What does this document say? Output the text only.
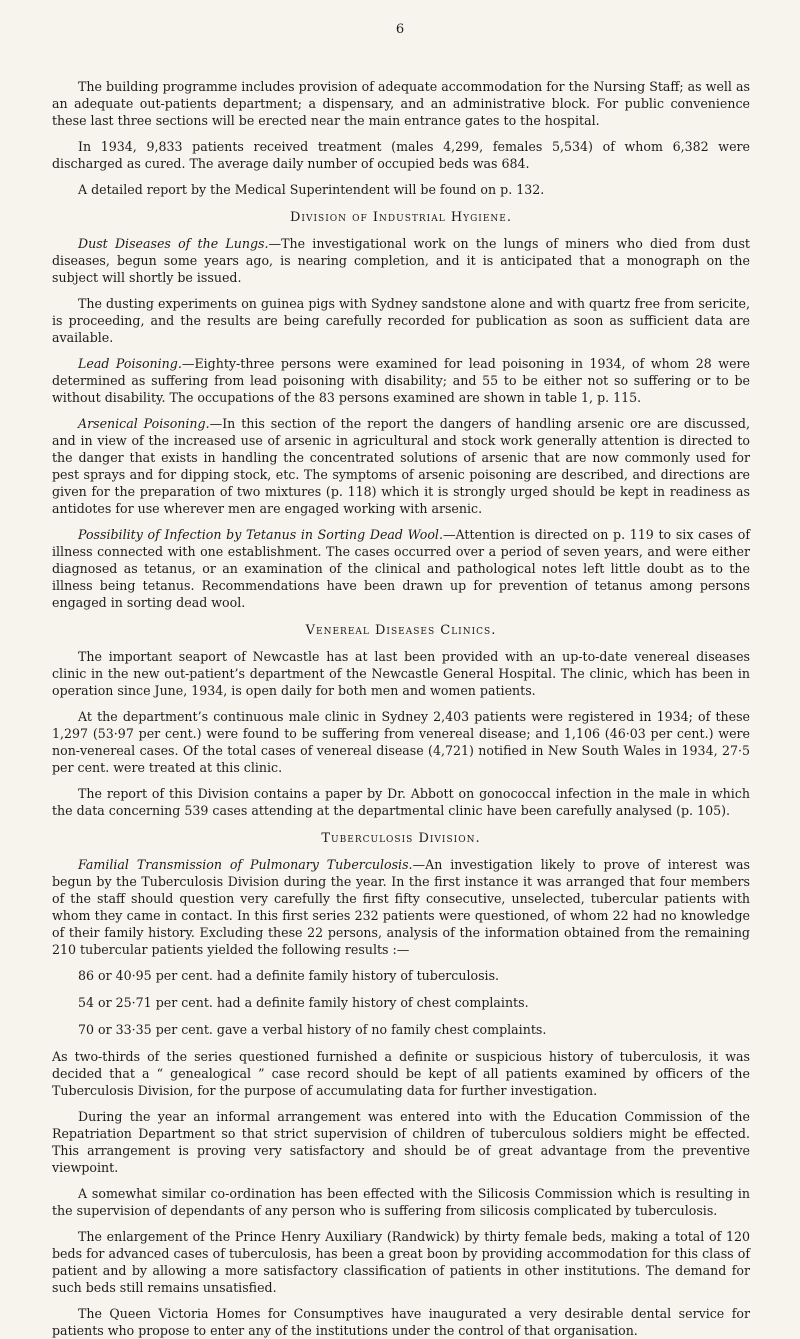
6

The building programme includes provision of adequate accommodation for the Nursing Staff; as well as an adequate out-patients department; a dispensary, and an administrative block. For public convenience these last three sections will be erected near the main entrance gates to the hospital.

In 1934, 9,833 patients received treatment (males 4,299, females 5,534) of whom 6,382 were discharged as cured. The average daily number of occupied beds was 684.

A detailed report by the Medical Superintendent will be found on p. 132.

Division of Industrial Hygiene.

Dust Diseases of the Lungs.—The investigational work on the lungs of miners who died from dust diseases, begun some years ago, is nearing completion, and it is anticipated that a monograph on the subject will shortly be issued.

The dusting experiments on guinea pigs with Sydney sandstone alone and with quartz free from sericite, is proceeding, and the results are being carefully recorded for publication as soon as sufficient data are available.

Lead Poisoning.—Eighty-three persons were examined for lead poisoning in 1934, of whom 28 were determined as suffering from lead poisoning with disability; and 55 to be either not so suffering or to be without disability. The occupations of the 83 persons examined are shown in table 1, p. 115.

Arsenical Poisoning.—In this section of the report the dangers of handling arsenic ore are discussed, and in view of the increased use of arsenic in agricultural and stock work generally attention is directed to the danger that exists in handling the concentrated solutions of arsenic that are now commonly used for pest sprays and for dipping stock, etc. The symptoms of arsenic poisoning are described, and directions are given for the preparation of two mixtures (p. 118) which it is strongly urged should be kept in readiness as antidotes for use wherever men are engaged working with arsenic.

Possibility of Infection by Tetanus in Sorting Dead Wool.—Attention is directed on p. 119 to six cases of illness connected with one establishment. The cases occurred over a period of seven years, and were either diagnosed as tetanus, or an examination of the clinical and pathological notes left little doubt as to the illness being tetanus. Recommendations have been drawn up for prevention of tetanus among persons engaged in sorting dead wool.

Venereal Diseases Clinics.

The important seaport of Newcastle has at last been provided with an up-to-date venereal diseases clinic in the new out-patient’s department of the Newcastle General Hospital. The clinic, which has been in operation since June, 1934, is open daily for both men and women patients.

At the department’s continuous male clinic in Sydney 2,403 patients were registered in 1934; of these 1,297 (53·97 per cent.) were found to be suffering from venereal disease; and 1,106 (46·03 per cent.) were non-venereal cases. Of the total cases of venereal disease (4,721) notified in New South Wales in 1934, 27·5 per cent. were treated at this clinic.

The report of this Division contains a paper by Dr. Abbott on gonococcal infection in the male in which the data concerning 539 cases attending at the departmental clinic have been carefully analysed (p. 105).

Tuberculosis Division.

Familial Transmission of Pulmonary Tuberculosis.—An investigation likely to prove of interest was begun by the Tuberculosis Division during the year. In the first instance it was arranged that four members of the staff should question very carefully the first fifty consecutive, unselected, tubercular patients with whom they came in contact. In this first series 232 patients were questioned, of whom 22 had no knowledge of their family history. Excluding these 22 persons, analysis of the information obtained from the remaining 210 tubercular patients yielded the following results :—

86 or 40·95 per cent. had a definite family history of tuberculosis.
54 or 25·71 per cent. had a definite family history of chest complaints.
70 or 33·35 per cent. gave a verbal history of no family chest complaints.

As two-thirds of the series questioned furnished a definite or suspicious history of tuberculosis, it was decided that a “ genealogical ” case record should be kept of all patients examined by officers of the Tuberculosis Division, for the purpose of accumulating data for further investigation.

During the year an informal arrangement was entered into with the Education Commission of the Repatriation Department so that strict supervision of children of tuberculous soldiers might be effected. This arrangement is proving very satisfactory and should be of great advantage from the preventive viewpoint.

A somewhat similar co-ordination has been effected with the Silicosis Commission which is resulting in the supervision of dependants of any person who is suffering from silicosis complicated by tuberculosis.

The enlargement of the Prince Henry Auxiliary (Randwick) by thirty female beds, making a total of 120 beds for advanced cases of tuberculosis, has been a great boon by providing accommodation for this class of patient and by allowing a more satisfactory classification of patients in other institutions. The demand for such beds still remains unsatisfied.

The Queen Victoria Homes for Consumptives have inaugurated a very desirable dental service for patients who propose to enter any of the institutions under the control of that organisation.
